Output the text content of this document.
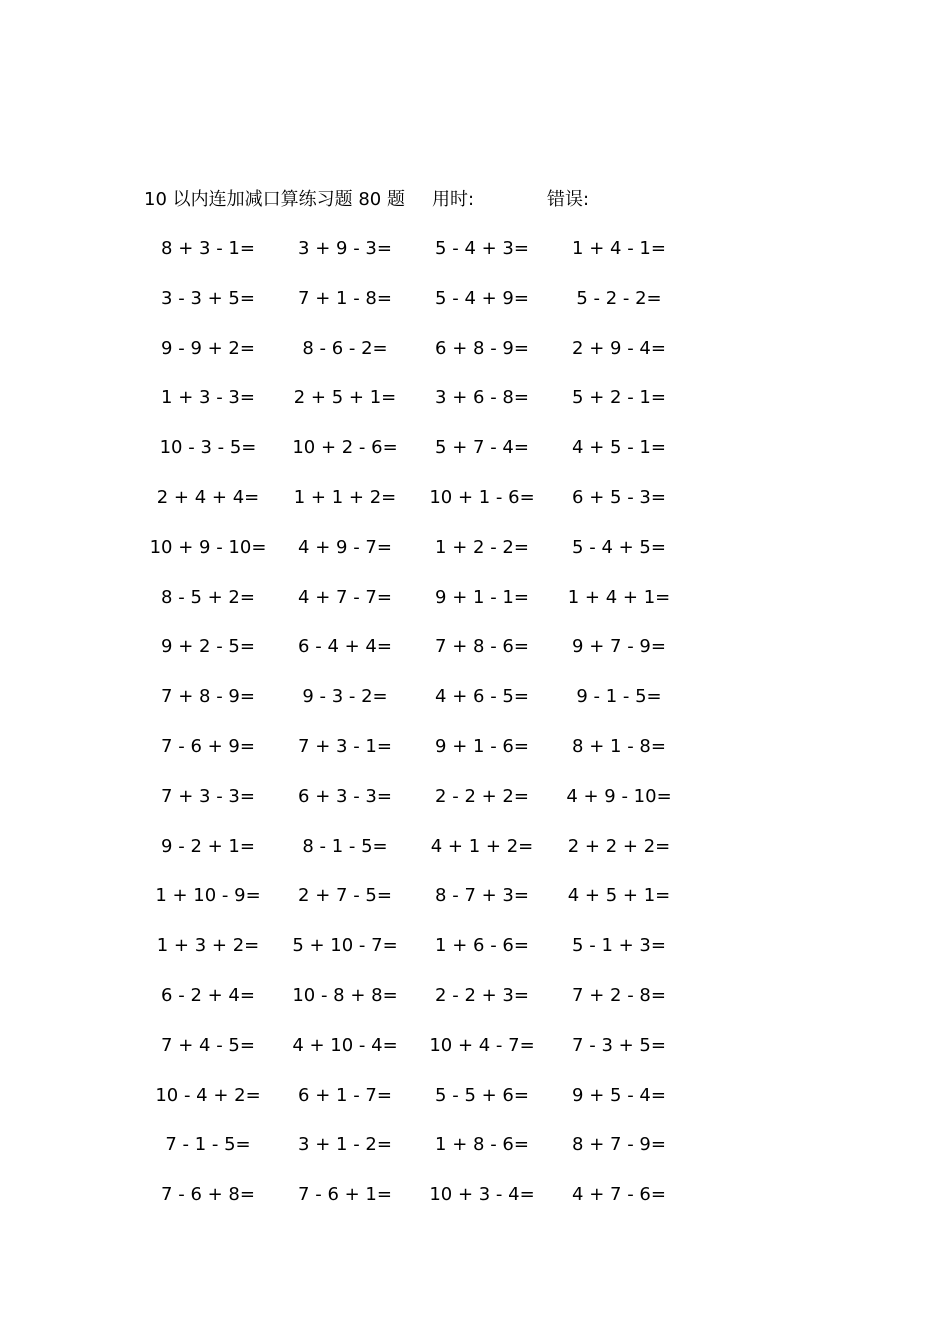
10 以内连加减口算练习题 80 题 用时:	错误:
8 + 3 - 1=	3 + 9 - 3=	5 - 4 + 3=	1 + 4 - 1=
3 - 3 + 5=	7 + 1 - 8=	5 - 4 + 9=	5 - 2 - 2=
9 - 9 + 2=	8 - 6 - 2=	6 + 8 - 9=	2 + 9 - 4=
1 + 3 - 3=	2 + 5 + 1=	3 + 6 - 8=	5 + 2 - 1=
10 - 3 - 5=	10 + 2 - 6=	5 + 7 - 4=	4 + 5 - 1=
2 + 4 + 4=	1 + 1 + 2=	10 + 1 - 6=	6 + 5 - 3=
10 + 9 - 10=	4 + 9 - 7=	1 + 2 - 2=	5 - 4 + 5=
8 - 5 + 2=	4 + 7 - 7=	9 + 1 - 1=	1 + 4 + 1=
9 + 2 - 5=	6 - 4 + 4=	7 + 8 - 6=	9 + 7 - 9=
7 + 8 - 9=	9 - 3 - 2=	4 + 6 - 5=	9 - 1 - 5=
7 - 6 + 9=	7 + 3 - 1=	9 + 1 - 6=	8 + 1 - 8=
7 + 3 - 3=	6 + 3 - 3=	2 - 2 + 2=	4 + 9 - 10=
9 - 2 + 1=	8 - 1 - 5=	4 + 1 + 2=	2 + 2 + 2=
1 + 10 - 9=	2 + 7 - 5=	8 - 7 + 3=	4 + 5 + 1=
1 + 3 + 2=	5 + 10 - 7=	1 + 6 - 6=	5 - 1 + 3=
6 - 2 + 4=	10 - 8 + 8=	2 - 2 + 3=	7 + 2 - 8=
7 + 4 - 5=	4 + 10 - 4=	10 + 4 - 7=	7 - 3 + 5=
10 - 4 + 2=	6 + 1 - 7=	5 - 5 + 6=	9 + 5 - 4=
7 - 1 - 5=	3 + 1 - 2=	1 + 8 - 6=	8 + 7 - 9=
7 - 6 + 8=	7 - 6 + 1=	10 + 3 - 4=	4 + 7 - 6=
